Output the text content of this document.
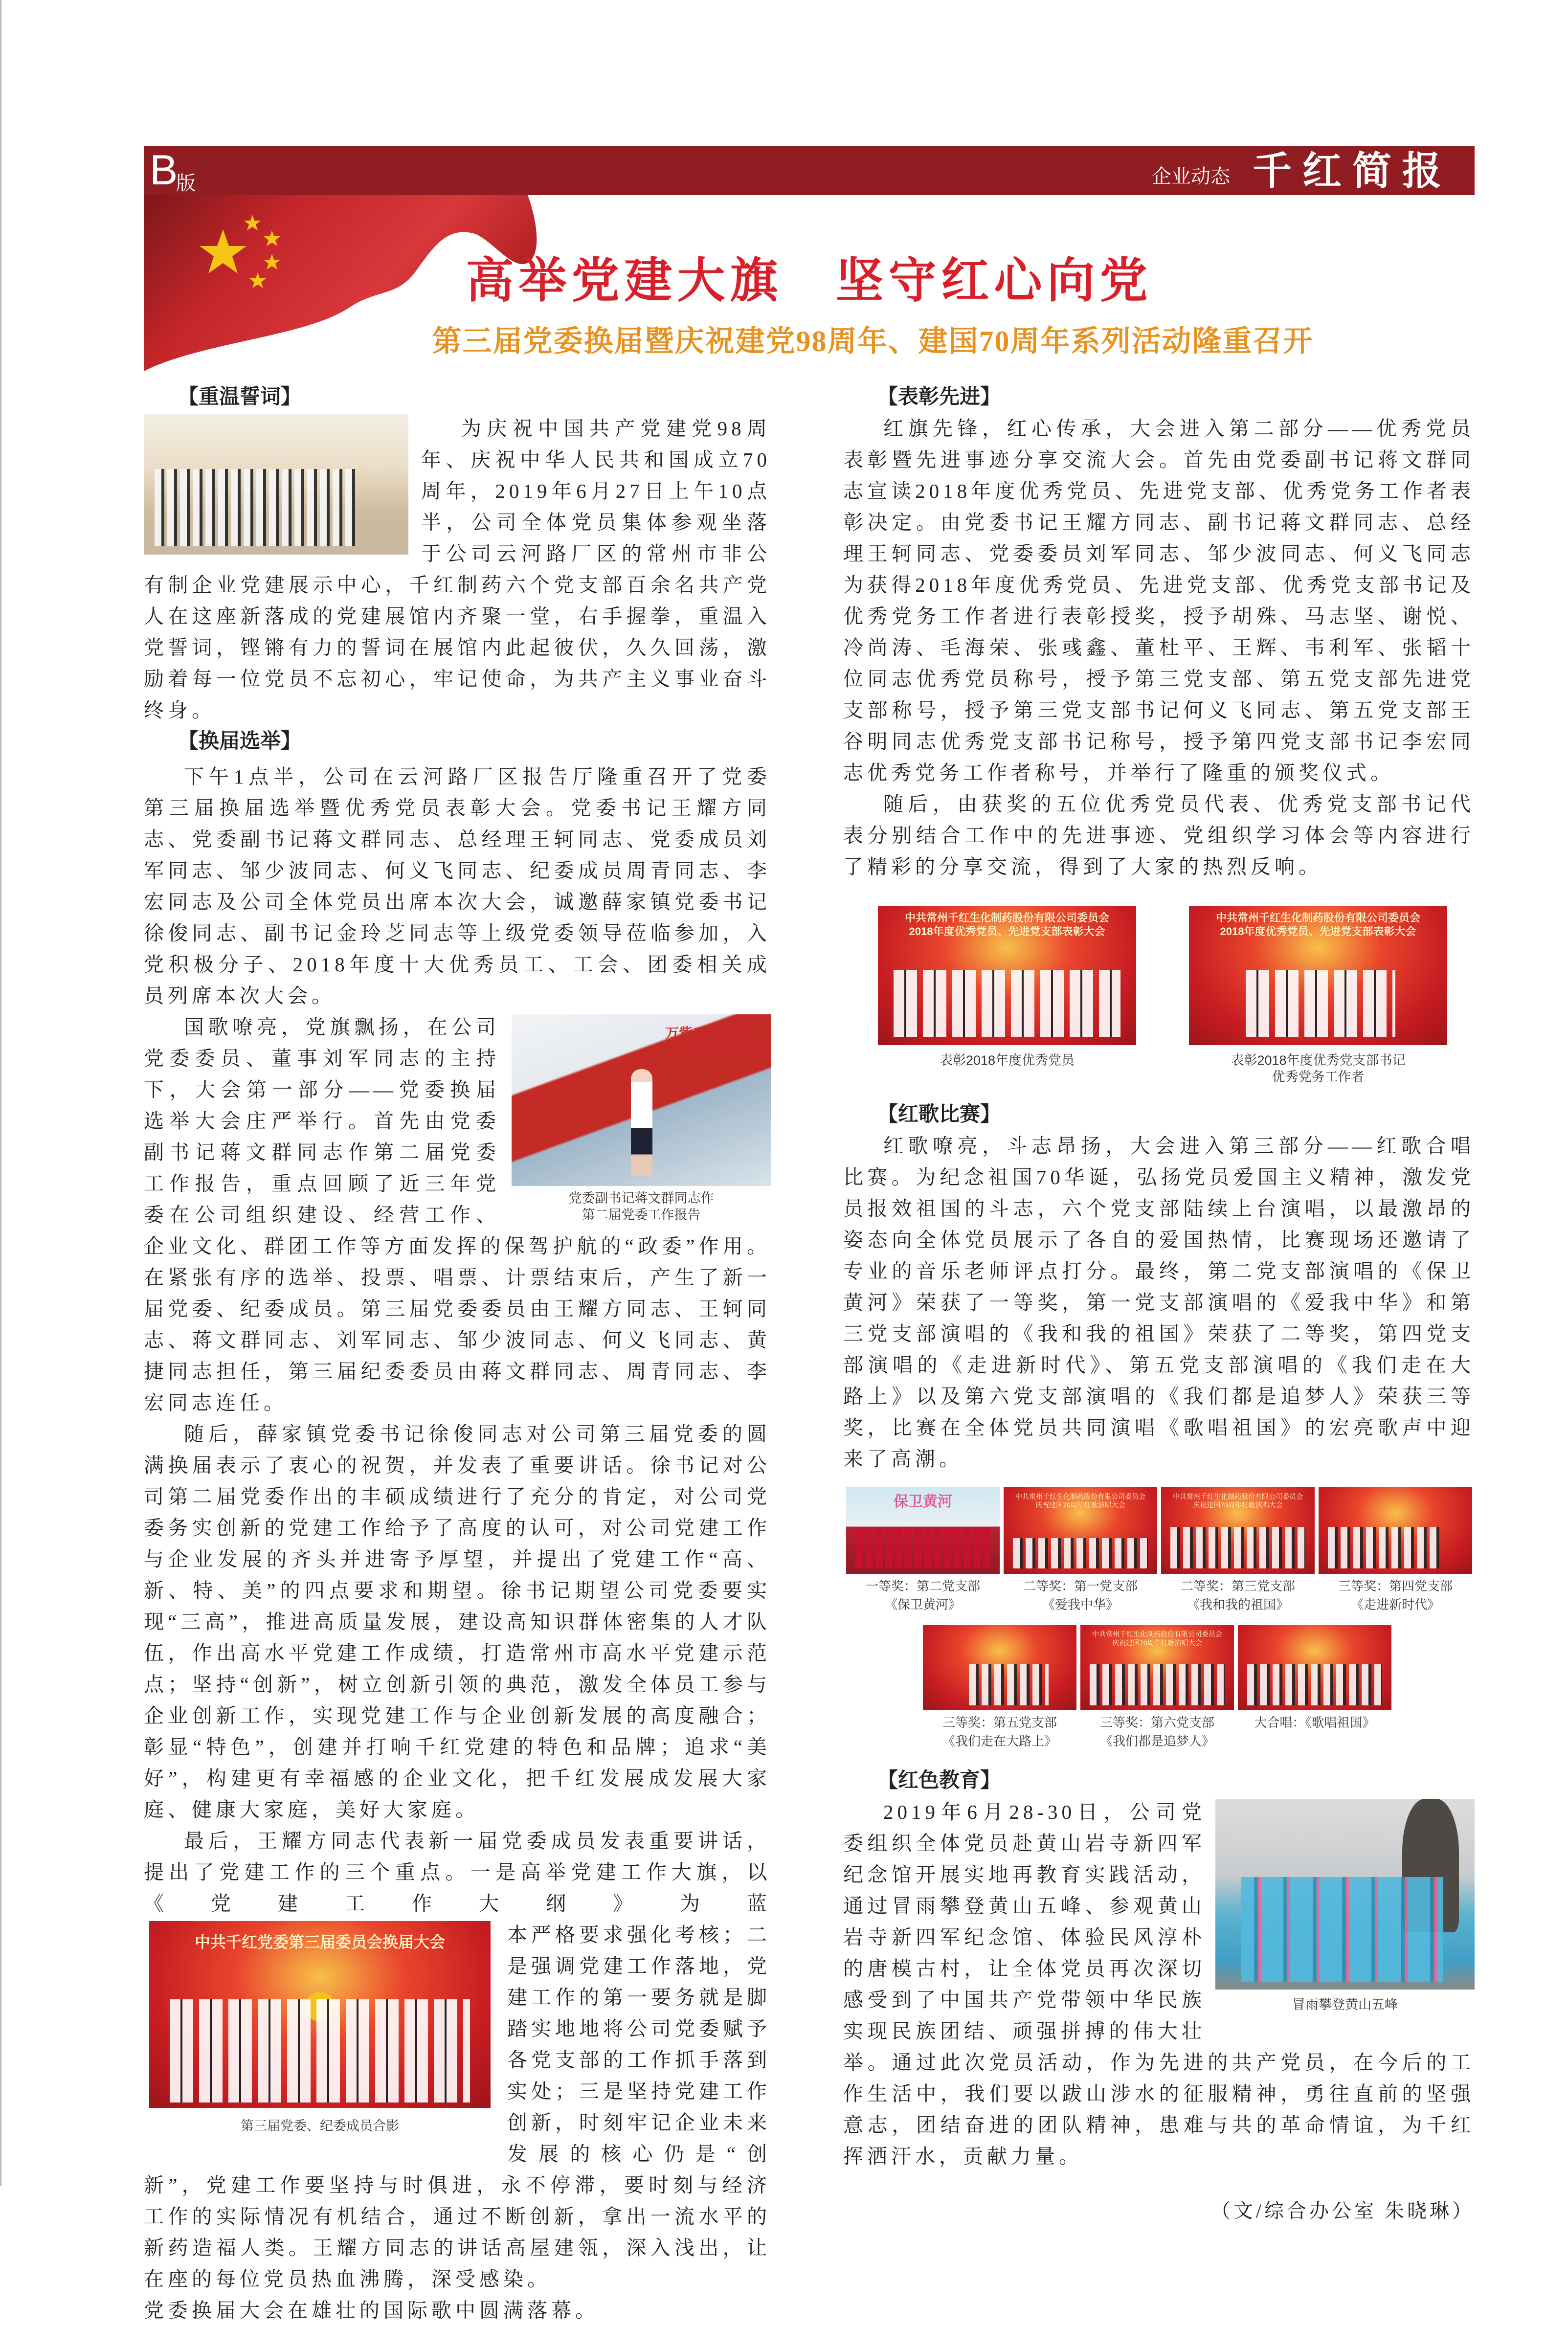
B
版	企业动态 千红简报
高举党建大旗　坚守红心向党
第三届党委换届暨庆祝建党98周年、建国70周年系列活动隆重召开
【重温誓词】

为庆祝中国共产党建党98周年、庆祝中华人民共和国成立70周年，2019年6月27日上午10点半，公司全体党员集体参观坐落于公司云河路厂区的常州市非公有制企业党建展示中心，千红制药六个党支部百余名共产党人在这座新落成的党建展馆内齐聚一堂，右手握拳，重温入党誓词，铿锵有力的誓词在展馆内此起彼伏，久久回荡，激励着每一位党员不忘初心，牢记使命，为共产主义事业奋斗终身。

【换届选举】

下午1点半，公司在云河路厂区报告厅隆重召开了党委第三届换届选举暨优秀党员表彰大会。党委书记王耀方同志、党委副书记蒋文群同志、总经理王轲同志、党委成员刘军同志、邹少波同志、何义飞同志、纪委成员周青同志、李宏同志及公司全体党员出席本次大会，诚邀薛家镇党委书记徐俊同志、副书记金玲芝同志等上级党委领导莅临参加，入党积极分子、2018年度十大优秀员工、工会、团委相关成员列席本次大会。

万紫千红盛如火
济世使命结硕果
党委副书记蒋文群同志作
第二届党委工作报告

国歌嘹亮，党旗飘扬，在公司党委委员、董事刘军同志的主持下，大会第一部分——党委换届选举大会庄严举行。首先由党委副书记蒋文群同志作第二届党委工作报告，重点回顾了近三年党委在公司组织建设、经营工作、企业文化、群团工作等方面发挥的保驾护航的“政委”作用。在紧张有序的选举、投票、唱票、计票结束后，产生了新一届党委、纪委成员。第三届党委委员由王耀方同志、王轲同志、蒋文群同志、刘军同志、邹少波同志、何义飞同志、黄捷同志担任，第三届纪委委员由蒋文群同志、周青同志、李宏同志连任。

随后，薛家镇党委书记徐俊同志对公司第三届党委的圆满换届表示了衷心的祝贺，并发表了重要讲话。徐书记对公司第二届党委作出的丰硕成绩进行了充分的肯定，对公司党委务实创新的党建工作给予了高度的认可，对公司党建工作与企业发展的齐头并进寄予厚望，并提出了党建工作“高、新、特、美”的四点要求和期望。徐书记期望公司党委要实现“三高”，推进高质量发展，建设高知识群体密集的人才队伍，作出高水平党建工作成绩，打造常州市高水平党建示范点；坚持“创新”，树立创新引领的典范，激发全体员工参与企业创新工作，实现党建工作与企业创新发展的高度融合；彰显“特色”，创建并打响千红党建的特色和品牌；追求“美好”，构建更有幸福感的企业文化，把千红发展成发展大家庭、健康大家庭，美好大家庭。

最后，王耀方同志代表新一届党委成员发表重要讲话，提出了党建工作的三个重点。一是高举党建工作大旗，以《党建工作大纲》为蓝

中共千红党委第三届委员会换届大会
第三届党委、纪委成员合影

本严格要求强化考核；二是强调党建工作落地，党建工作的第一要务就是脚踏实地地将公司党委赋予各党支部的工作抓手落到实处；三是坚持党建工作创新，时刻牢记企业未来发展的核心仍是“创新”，党建工作要坚持与时俱进，永不停滞，要时刻与经济工作的实际情况有机结合，通过不断创新，拿出一流水平的新药造福人类。王耀方同志的讲话高屋建瓴，深入浅出，让在座的每位党员热血沸腾，深受感染。

党委换届大会在雄壮的国际歌中圆满落幕。

【表彰先进】

红旗先锋，红心传承，大会进入第二部分——优秀党员表彰暨先进事迹分享交流大会。首先由党委副书记蒋文群同志宣读2018年度优秀党员、先进党支部、优秀党务工作者表彰决定。由党委书记王耀方同志、副书记蒋文群同志、总经理王轲同志、党委委员刘军同志、邹少波同志、何义飞同志为获得2018年度优秀党员、先进党支部、优秀党支部书记及优秀党务工作者进行表彰授奖，授予胡殊、马志坚、谢悦、冷尚涛、毛海荣、张彧鑫、董杜平、王辉、韦利军、张韬十位同志优秀党员称号，授予第三党支部、第五党支部先进党支部称号，授予第三党支部书记何义飞同志、第五党支部王谷明同志优秀党支部书记称号，授予第四党支部书记李宏同志优秀党务工作者称号，并举行了隆重的颁奖仪式。

随后，由获奖的五位优秀党员代表、优秀党支部书记代表分别结合工作中的先进事迹、党组织学习体会等内容进行了精彩的分享交流，得到了大家的热烈反响。

中共常州千红生化制药股份有限公司委员会
2018年度优秀党员、先进党支部表彰大会
表彰2018年度优秀党员
中共常州千红生化制药股份有限公司委员会
2018年度优秀党员、先进党支部表彰大会
表彰2018年度优秀党支部书记
优秀党务工作者
【红歌比赛】

红歌嘹亮，斗志昂扬，大会进入第三部分——红歌合唱比赛。为纪念祖国70华诞，弘扬党员爱国主义精神，激发党员报效祖国的斗志，六个党支部陆续上台演唱，以最激昂的姿态向全体党员展示了各自的爱国热情，比赛现场还邀请了专业的音乐老师评点打分。最终，第二党支部演唱的《保卫黄河》荣获了一等奖，第一党支部演唱的《爱我中华》和第三党支部演唱的《我和我的祖国》荣获了二等奖，第四党支部演唱的《走进新时代》、第五党支部演唱的《我们走在大路上》以及第六党支部演唱的《我们都是追梦人》荣获三等奖，比赛在全体党员共同演唱《歌唱祖国》的宏亮歌声中迎来了高潮。

保卫黄河
一等奖：第二党支部
《保卫黄河》
中共常州千红生化制药股份有限公司委员会
庆祝建国70周年红歌演唱大会
二等奖：第一党支部
《爱我中华》
中共常州千红生化制药股份有限公司委员会
庆祝建国70周年红歌演唱大会
二等奖：第三党支部
《我和我的祖国》
三等奖：第四党支部
《走进新时代》
三等奖：第五党支部
《我们走在大路上》
中共常州千红生化制药股份有限公司委员会
庆祝建国70周年红歌演唱大会
三等奖：第六党支部
《我们都是追梦人》
大合唱：《歌唱祖国》
【红色教育】
冒雨攀登黄山五峰

2019年6月28-30日，公司党委组织全体党员赴黄山岩寺新四军纪念馆开展实地再教育实践活动，通过冒雨攀登黄山五峰、参观黄山岩寺新四军纪念馆、体验民风淳朴的唐模古村，让全体党员再次深切感受到了中国共产党带领中华民族实现民族团结、顽强拼搏的伟大壮举。通过此次党员活动，作为先进的共产党员，在今后的工作生活中，我们要以跋山涉水的征服精神，勇往直前的坚强意志，团结奋进的团队精神，患难与共的革命情谊，为千红挥洒汗水，贡献力量。

（文/综合办公室 朱晓琳）
